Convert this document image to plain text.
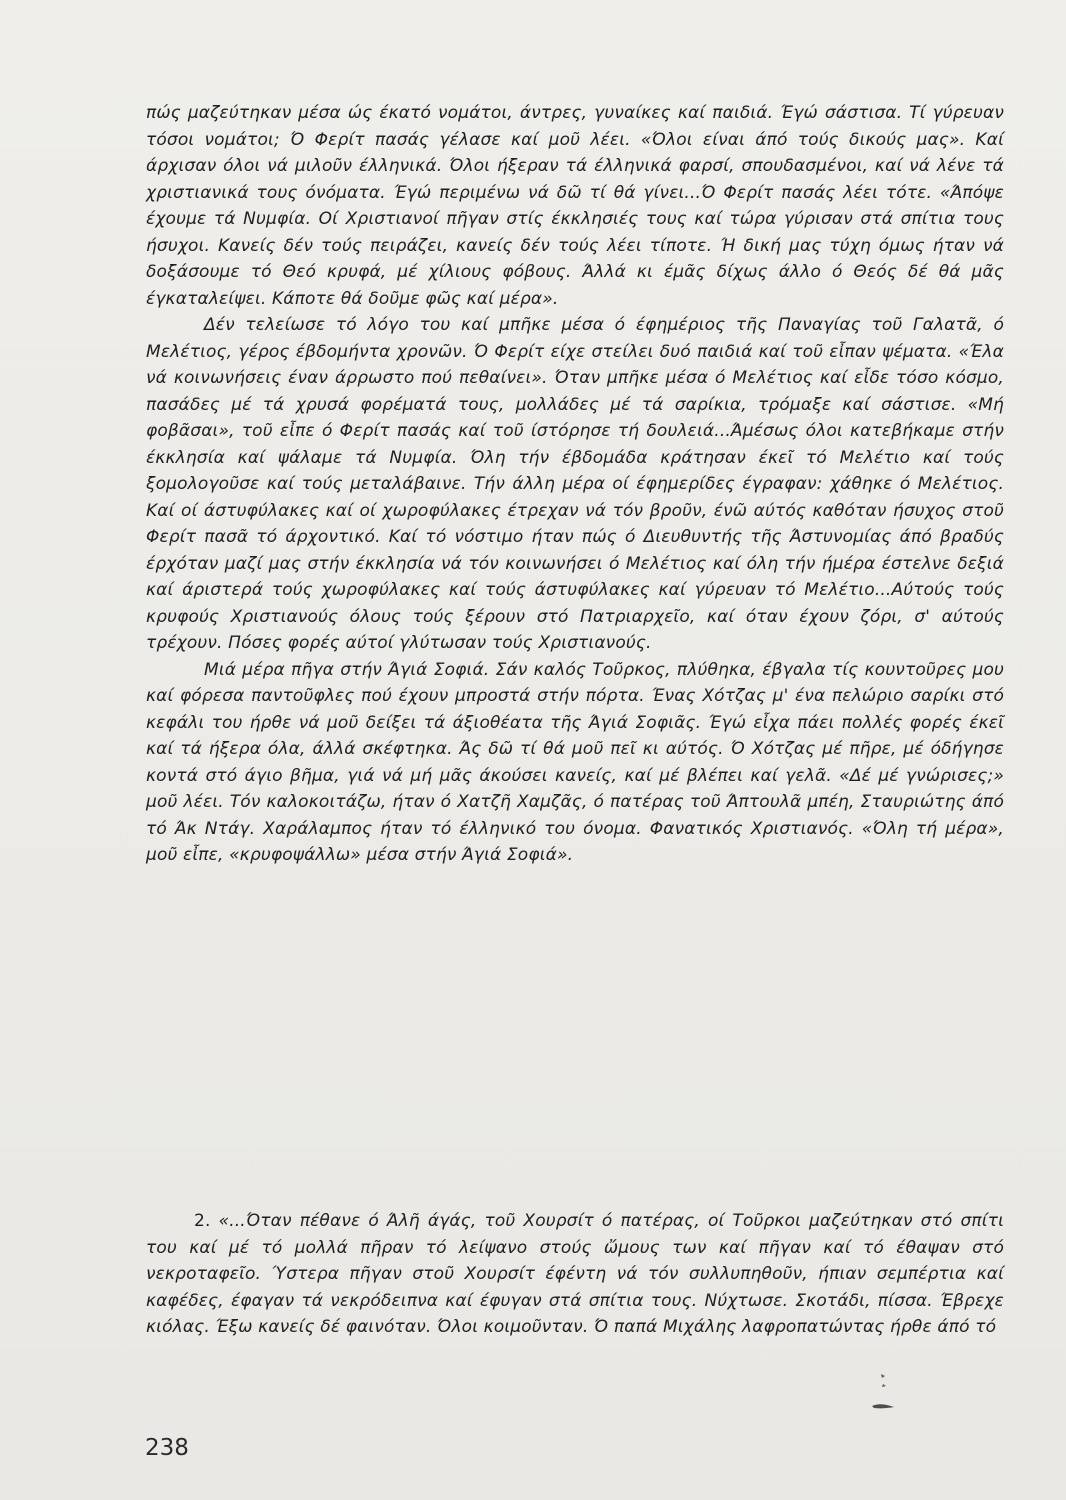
πώς μαζεύτηκαν μέσα ώς έκατό νομάτοι, άντρες, γυναίκες καί παιδιά. Έγώ σάστισα. Τί γύρευαν τόσοι νομάτοι; Ό Φερίτ πασάς γέλασε καί μοῦ λέει. «Όλοι είναι άπό τούς δικούς μας». Καί άρχισαν όλοι νά μιλοῦν έλληνικά. Όλοι ήξεραν τά έλληνικά φαρσί, σπουδασμένοι, καί νά λένε τά χριστιανικά τους όνόματα. Έγώ περιμένω νά δῶ τί θά γίνει...Ό Φερίτ πασάς λέει τότε. «Άπόψε έχουμε τά Νυμφία. Οί Χριστιανοί πῆγαν στίς έκκλησιές τους καί τώρα γύρισαν στά σπίτια τους ήσυχοι. Κανείς δέν τούς πειράζει, κανείς δέν τούς λέει τίποτε. Ή δική μας τύχη όμως ήταν νά δοξάσουμε τό Θεό κρυφά, μέ χίλιους φόβους. Άλλά κι έμᾶς δίχως άλλο ό Θεός δέ θά μᾶς έγκαταλείψει. Κάποτε θά δοῦμε φῶς καί μέρα».

Δέν τελείωσε τό λόγο του καί μπῆκε μέσα ό έφημέριος τῆς Παναγίας τοῦ Γαλατᾶ, ό Μελέτιος, γέρος έβδομήντα χρονῶν. Ό Φερίτ είχε στείλει δυό παιδιά καί τοῦ εἶπαν ψέματα. «Έλα νά κοινωνήσεις έναν άρρωστο πού πεθαίνει». Όταν μπῆκε μέσα ό Μελέτιος καί εἶδε τόσο κόσμο, πασάδες μέ τά χρυσά φορέματά τους, μολλάδες μέ τά σαρίκια, τρόμαξε καί σάστισε. «Μή φοβᾶσαι», τοῦ εἶπε ό Φερίτ πασάς καί τοῦ ίστόρησε τή δουλειά...Άμέσως όλοι κατεβήκαμε στήν έκκλησία καί ψάλαμε τά Νυμφία. Όλη τήν έβδομάδα κράτησαν έκεῖ τό Μελέτιο καί τούς ξομολογοῦσε καί τούς μεταλάβαινε. Τήν άλλη μέρα οί έφημερίδες έγραφαν: χάθηκε ό Μελέτιος. Καί οί άστυφύλακες καί οί χωροφύλακες έτρεχαν νά τόν βροῦν, ένῶ αύτός καθόταν ήσυχος στοῦ Φερίτ πασᾶ τό άρχοντικό. Καί τό νόστιμο ήταν πώς ό Διευθυντής τῆς Άστυνομίας άπό βραδύς έρχόταν μαζί μας στήν έκκλησία νά τόν κοινωνήσει ό Μελέτιος καί όλη τήν ήμέρα έστελνε δεξιά καί άριστερά τούς χωροφύλακες καί τούς άστυφύλακες καί γύρευαν τό Μελέτιο...Αύτούς τούς κρυφούς Χριστιανούς όλους τούς ξέρουν στό Πατριαρχεῖο, καί όταν έχουν ζόρι, σ' αύτούς τρέχουν. Πόσες φορές αύτοί γλύτωσαν τούς Χριστιανούς.

Μιά μέρα πῆγα στήν Άγιά Σοφιά. Σάν καλός Τοῦρκος, πλύθηκα, έβγαλα τίς κουντοῦρες μου καί φόρεσα παντοῦφλες πού έχουν μπροστά στήν πόρτα. Ένας Χότζας μ' ένα πελώριο σαρίκι στό κεφάλι του ήρθε νά μοῦ δείξει τά άξιοθέατα τῆς Άγιά Σοφιᾶς. Έγώ εἶχα πάει πολλές φορές έκεῖ καί τά ήξερα όλα, άλλά σκέφτηκα. Άς δῶ τί θά μοῦ πεῖ κι αύτός. Ό Χότζας μέ πῆρε, μέ όδήγησε κοντά στό άγιο βῆμα, γιά νά μή μᾶς άκούσει κανείς, καί μέ βλέπει καί γελᾶ. «Δέ μέ γνώρισες;» μοῦ λέει. Τόν καλοκοιτάζω, ήταν ό Χατζῆ Χαμζᾶς, ό πατέρας τοῦ Άπτουλᾶ μπέη, Σταυριώτης άπό τό Άκ Ντάγ. Χαράλαμπος ήταν τό έλληνικό του όνομα. Φανατικός Χριστιανός. «Όλη τή μέρα», μοῦ εἶπε, «κρυφοψάλλω» μέσα στήν Άγιά Σοφιά».

2. «...Όταν πέθανε ό Άλῆ άγάς, τοῦ Χουρσίτ ό πατέρας, οί Τοῦρκοι μαζεύτηκαν στό σπίτι του καί μέ τό μολλά πῆραν τό λείψανο στούς ὤμους των καί πῆγαν καί τό έθαψαν στό νεκροταφεῖο. Ύστερα πῆγαν στοῦ Χουρσίτ έφέντη νά τόν συλλυπηθοῦν, ήπιαν σεμπέρτια καί καφέδες, έφαγαν τά νεκρόδειπνα καί έφυγαν στά σπίτια τους. Νύχτωσε. Σκοτάδι, πίσσα. Έβρεχε κιόλας. Έξω κανείς δέ φαινόταν. Όλοι κοιμοῦνταν. Ό παπά Μιχάλης λαφροπατώντας ήρθε άπό τό

238
